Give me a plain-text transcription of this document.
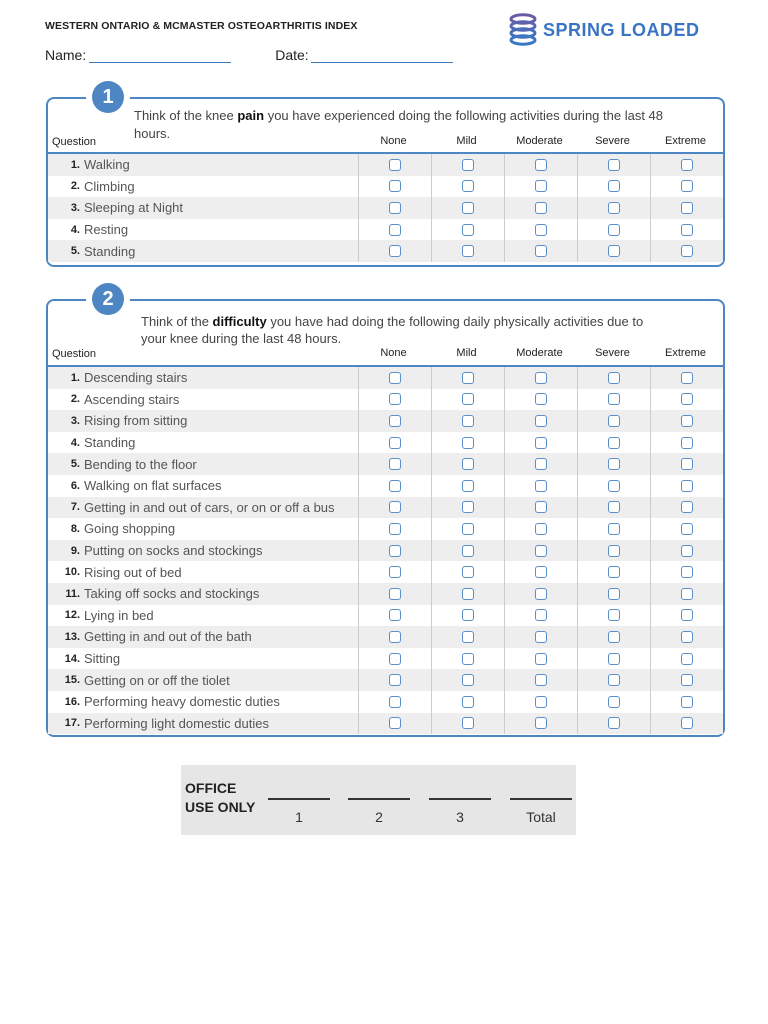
WESTERN ONTARIO & MCMASTER OSTEOARTHRITIS INDEX	SPRING LOADED
Name:	Date:
1
Think of the knee pain you have experienced doing the following activities during the last 48 hours.
Question	None	Mild	Moderate	Severe	Extreme
1. Walking
2. Climbing
3. Sleeping at Night
4. Resting
5. Standing
2
Think of the difficulty you have had doing the following daily physically activities due to your knee during the last 48 hours.
Question	None	Mild	Moderate	Severe	Extreme
1. Descending stairs
2. Ascending stairs
3. Rising from sitting
4. Standing
5. Bending to the floor
6. Walking on flat surfaces
7. Getting in and out of cars, or on or off a bus
8. Going shopping
9. Putting on socks and stockings
10. Rising out of bed
11. Taking off socks and stockings
12. Lying in bed
13. Getting in and out of the bath
14. Sitting
15. Getting on or off the tiolet
16. Performing heavy domestic duties
17. Performing light domestic duties
OFFICE
USE ONLY
1	2	3	Total
